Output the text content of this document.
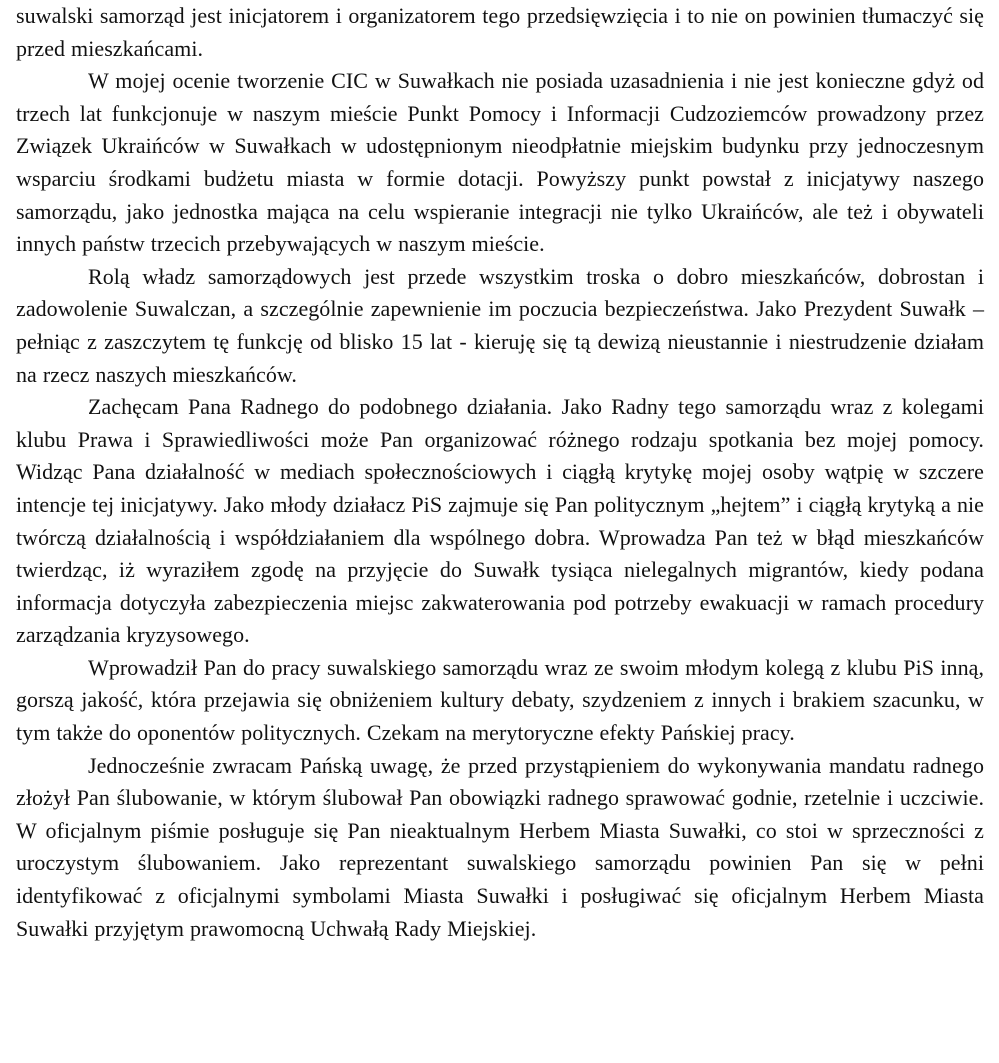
suwalski samorząd jest inicjatorem i organizatorem tego przedsięwzięcia i to nie on powinien tłumaczyć się przed mieszkańcami.

W mojej ocenie tworzenie CIC w Suwałkach nie posiada uzasadnienia i nie jest konieczne gdyż od trzech lat funkcjonuje w naszym mieście Punkt Pomocy i Informacji Cudzoziemców prowadzony przez Związek Ukraińców w Suwałkach w udostępnionym nieodpłatnie miejskim budynku przy jednoczesnym wsparciu środkami budżetu miasta w formie dotacji. Powyższy punkt powstał z inicjatywy naszego samorządu, jako jednostka mająca na celu wspieranie integracji nie tylko Ukraińców, ale też i obywateli innych państw trzecich przebywających w naszym mieście.

Rolą władz samorządowych jest przede wszystkim troska o dobro mieszkańców, dobrostan i zadowolenie Suwalczan, a szczególnie zapewnienie im poczucia bezpieczeństwa. Jako Prezydent Suwałk – pełniąc z zaszczytem tę funkcję od blisko 15 lat - kieruję się tą dewizą nieustannie i niestrudzenie działam na rzecz naszych mieszkańców.

Zachęcam Pana Radnego do podobnego działania. Jako Radny tego samorządu wraz z kolegami klubu Prawa i Sprawiedliwości może Pan organizować różnego rodzaju spotkania bez mojej pomocy. Widząc Pana działalność w mediach społecznościowych i ciągłą krytykę mojej osoby wątpię w szczere intencje tej inicjatywy. Jako młody działacz PiS zajmuje się Pan politycznym „hejtem” i ciągłą krytyką a nie twórczą działalnością i współdziałaniem dla wspólnego dobra. Wprowadza Pan też w błąd mieszkańców twierdząc, iż wyraziłem zgodę na przyjęcie do Suwałk tysiąca nielegalnych migrantów, kiedy podana informacja dotyczyła zabezpieczenia miejsc zakwaterowania pod potrzeby ewakuacji w ramach procedury zarządzania kryzysowego.

Wprowadził Pan do pracy suwalskiego samorządu wraz ze swoim młodym kolegą z klubu PiS inną, gorszą jakość, która przejawia się obniżeniem kultury debaty, szydzeniem z innych i brakiem szacunku, w tym także do oponentów politycznych. Czekam na merytoryczne efekty Pańskiej pracy.

Jednocześnie zwracam Pańską uwagę, że przed przystąpieniem do wykonywania mandatu radnego złożył Pan ślubowanie, w którym ślubował Pan obowiązki radnego sprawować godnie, rzetelnie i uczciwie. W oficjalnym piśmie posługuje się Pan nieaktualnym Herbem Miasta Suwałki, co stoi w sprzeczności z uroczystym ślubowaniem. Jako reprezentant suwalskiego samorządu powinien Pan się w pełni identyfikować z oficjalnymi symbolami Miasta Suwałki i posługiwać się oficjalnym Herbem Miasta Suwałki przyjętym prawomocną Uchwałą Rady Miejskiej.
